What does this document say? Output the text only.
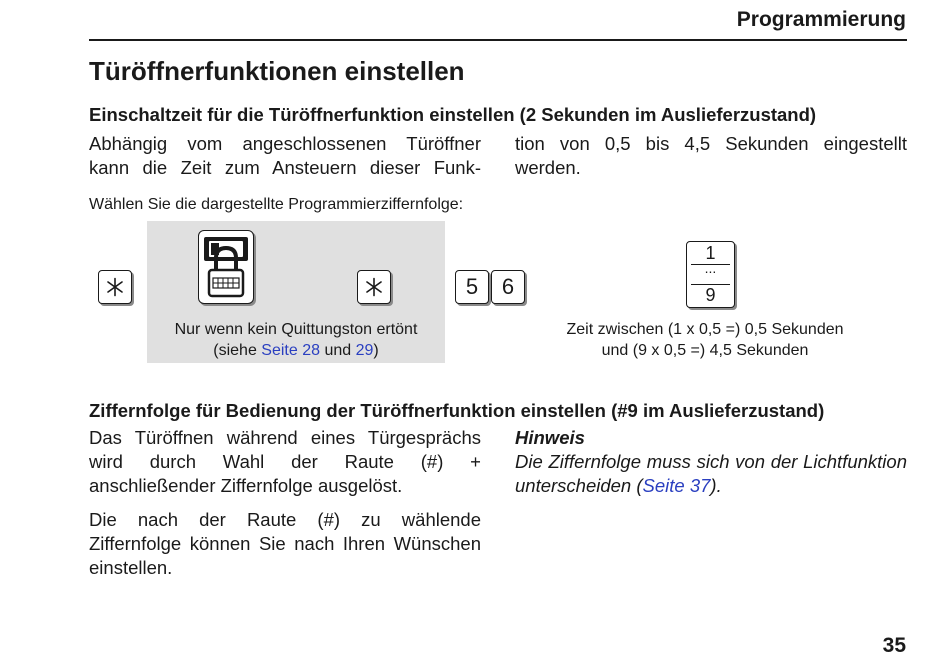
Programmierung
Türöffnerfunktionen einstellen
Einschaltzeit für die Türöffnerfunktion einstellen (2 Sekunden im Auslieferzustand)
Abhängig vom angeschlossenen Türöffner
kann die Zeit zum Ansteuern dieser Funk-
tion von 0,5 bis 4,5 Sekunden eingestellt
werden.
Wählen Sie die dargestellte Programmierziffernfolge:
Nur wenn kein Quittungston ertönt
(siehe Seite 28 und 29)
5	6
1
...
9
Zeit zwischen (1 x 0,5 =) 0,5 Sekunden
und (9 x 0,5 =) 4,5 Sekunden
Ziffernfolge für Bedienung der Türöffnerfunktion einstellen (#9 im Auslieferzustand)

Das Türöffnen während eines Türgesprächs wird durch Wahl der Raute (#) + anschließender Ziffernfolge ausgelöst.

Die nach der Raute (#) zu wählende Ziffernfolge können Sie nach Ihren Wünschen einstellen.

Hinweis
Die Ziffernfolge muss sich von der Lichtfunktion unterscheiden (Seite 37).
35
